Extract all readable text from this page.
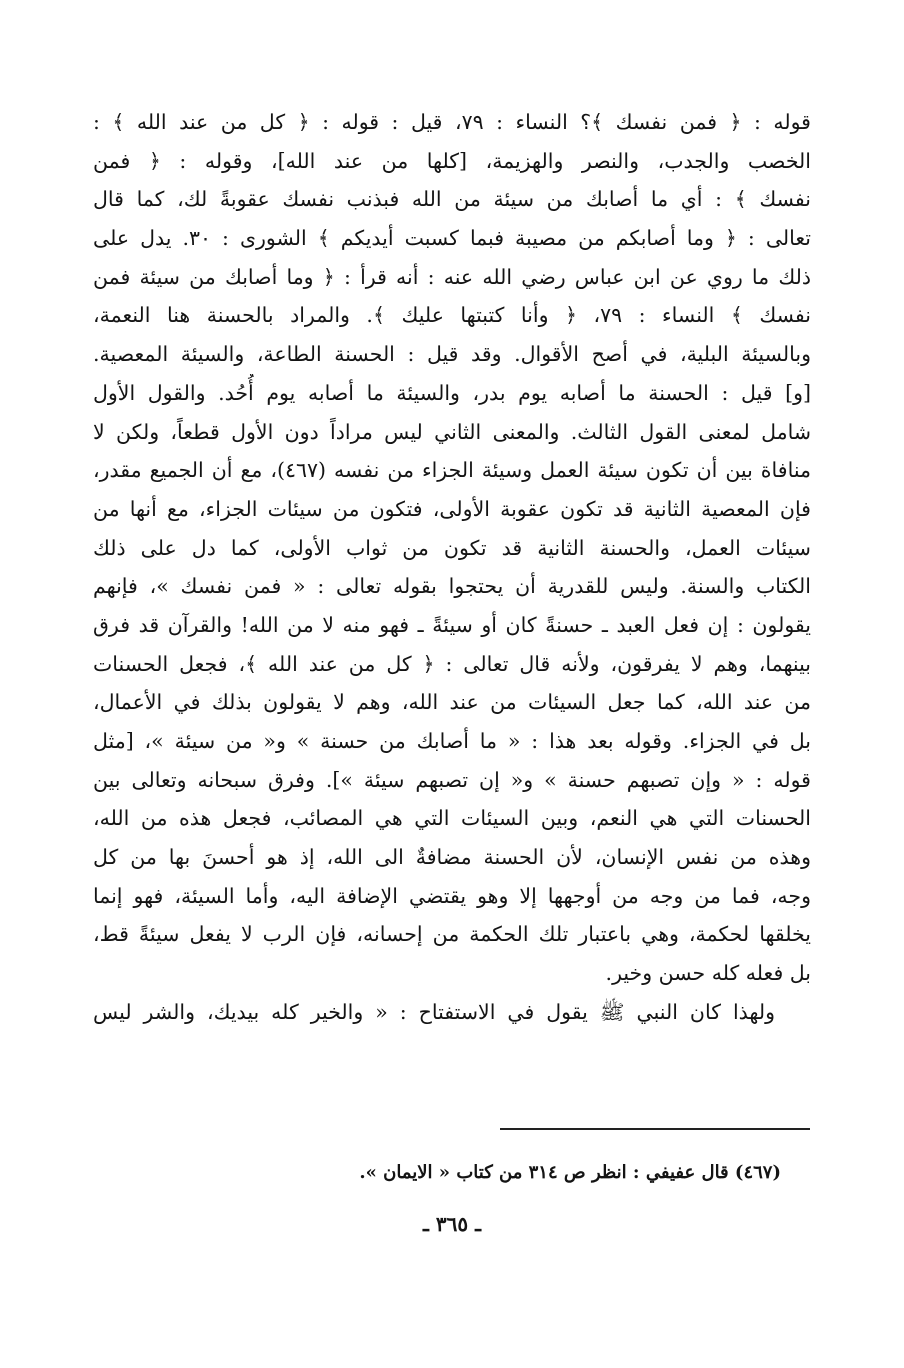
قوله : ﴿ فمن نفسك ﴾؟ النساء : ٧٩، قيل : قوله : ﴿ كل من عند الله ﴾ :
الخصب والجدب، والنصر والهزيمة، [كلها من عند الله]، وقوله : ﴿ فمن
نفسك ﴾ : أي ما أصابك من سيئة من الله فبذنب نفسك عقوبةً لك، كما قال
تعالى : ﴿ وما أصابكم من مصيبة فبما كسبت أيديكم ﴾ الشورى : ٣٠. يدل على
ذلك ما روي عن ابن عباس رضي الله عنه : أنه قرأ : ﴿ وما أصابك من سيئة فمن
نفسك ﴾ النساء : ٧٩، ﴿ وأنا كتبتها عليك ﴾. والمراد بالحسنة هنا النعمة،
وبالسيئة البلية، في أصح الأقوال. وقد قيل : الحسنة الطاعة، والسيئة المعصية.
[و] قيل : الحسنة ما أصابه يوم بدر، والسيئة ما أصابه يوم أُحُد. والقول الأول
شامل لمعنى القول الثالث. والمعنى الثاني ليس مراداً دون الأول قطعاً، ولكن لا
منافاة بين أن تكون سيئة العمل وسيئة الجزاء من نفسه (٤٦٧)، مع أن الجميع مقدر،
فإن المعصية الثانية قد تكون عقوبة الأولى، فتكون من سيئات الجزاء، مع أنها من
سيئات العمل، والحسنة الثانية قد تكون من ثواب الأولى، كما دل على ذلك
الكتاب والسنة. وليس للقدرية أن يحتجوا بقوله تعالى : « فمن نفسك »، فإنهم
يقولون : إن فعل العبد ـ حسنةً كان أو سيئةً ـ فهو منه لا من الله! والقرآن قد فرق
بينهما، وهم لا يفرقون، ولأنه قال تعالى : ﴿ كل من عند الله ﴾، فجعل الحسنات
من عند الله، كما جعل السيئات من عند الله، وهم لا يقولون بذلك في الأعمال،
بل في الجزاء. وقوله بعد هذا : « ما أصابك من حسنة » و« من سيئة »، [مثل
قوله : « وإن تصبهم حسنة » و« إن تصبهم سيئة »]. وفرق سبحانه وتعالى بين
الحسنات التي هي النعم، وبين السيئات التي هي المصائب، فجعل هذه من الله،
وهذه من نفس الإنسان، لأن الحسنة مضافةٌ الى الله، إذ هو أحسنَ بها من كل
وجه، فما من وجه من أوجهها إلا وهو يقتضي الإضافة اليه، وأما السيئة، فهو إنما
يخلقها لحكمة، وهي باعتبار تلك الحكمة من إحسانه، فإن الرب لا يفعل سيئةً قط،
بل فعله كله حسن وخير.
ولهذا كان النبي ﷺ يقول في الاستفتاح : « والخير كله بيديك، والشر ليس
(٤٦٧) قال عفيفي : انظر ص ٣١٤ من كتاب « الايمان ».
ـ ٣٦٥ ـ
